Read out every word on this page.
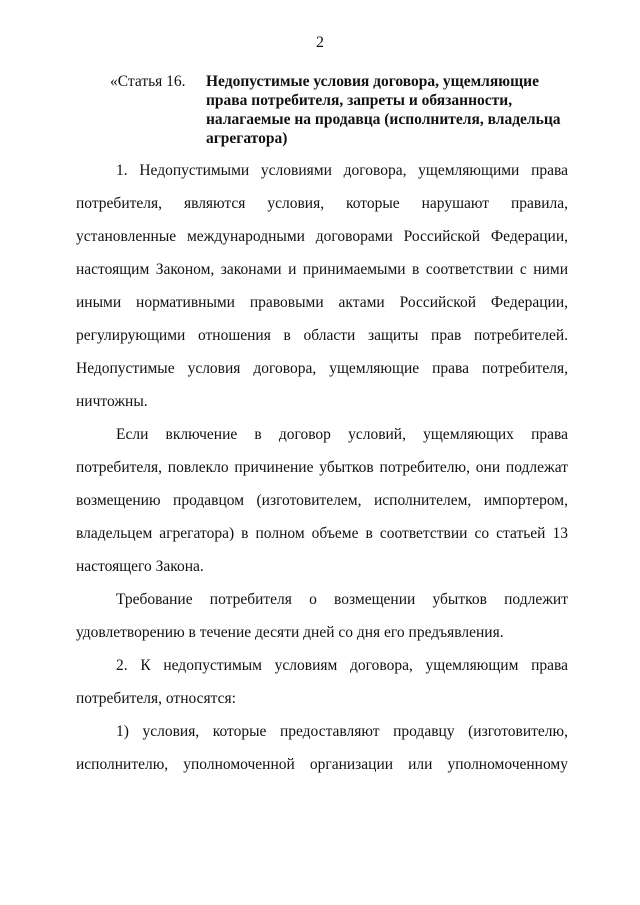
2
«Статья 16. Недопустимые условия договора, ущемляющие
права потребителя, запреты и обязанности,
налагаемые на продавца (исполнителя, владельца
агрегатора)
1. Недопустимыми условиями договора, ущемляющими права
потребителя, являются условия, которые нарушают правила,
установленные международными договорами Российской Федерации,
настоящим Законом, законами и принимаемыми в соответствии с ними
иными нормативными правовыми актами Российской Федерации,
регулирующими отношения в области защиты прав потребителей.
Недопустимые условия договора, ущемляющие права потребителя,
ничтожны.
Если включение в договор условий, ущемляющих права
потребителя, повлекло причинение убытков потребителю, они подлежат
возмещению продавцом (изготовителем, исполнителем, импортером,
владельцем агрегатора) в полном объеме в соответствии со статьей 13
настоящего Закона.
Требование потребителя о возмещении убытков подлежит
удовлетворению в течение десяти дней со дня его предъявления.
2. К недопустимым условиям договора, ущемляющим права
потребителя, относятся:
1) условия, которые предоставляют продавцу (изготовителю,
исполнителю, уполномоченной организации или уполномоченному
